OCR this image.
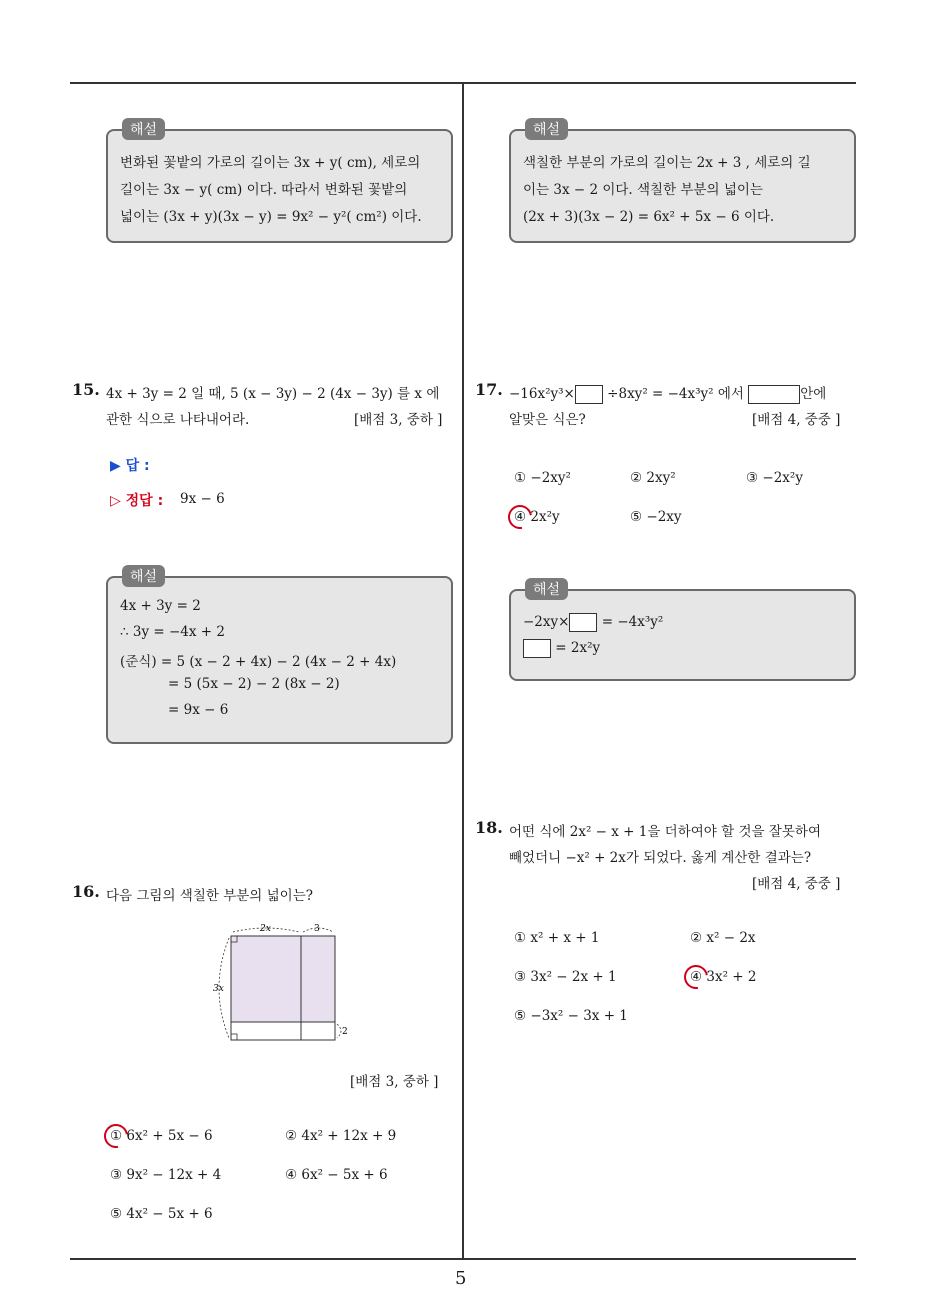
5
해설
변화된 꽃밭의 가로의 길이는 3x + y( cm), 세로의
길이는 3x − y( cm) 이다. 따라서 변화된 꽃밭의
넓이는 (3x + y)(3x − y) = 9x² − y²( cm²) 이다.
15. 4x + 3y = 2 일 때, 5 (x − 3y) − 2 (4x − 3y) 를 x 에
관한 식으로 나타내어라.	[배점 3, 중하 ]
▶ 답 :
▷ 정답 : 9x − 6
해설
4x + 3y = 2
∴ 3y = −4x + 2
(준식) = 5 (x − 2 + 4x) − 2 (4x − 2 + 4x)
= 5 (5x − 2) − 2 (8x − 2)
= 9x − 6
16. 다음 그림의 색칠한 부분의 넓이는?
2x	3
3x
2
[배점 3, 중하 ]
① 6x² + 5x − 6	② 4x² + 12x + 9
③ 9x² − 12x + 4	④ 6x² − 5x + 6
⑤ 4x² − 5x + 6
해설
색칠한 부분의 가로의 길이는 2x + 3 , 세로의 길
이는 3x − 2 이다. 색칠한 부분의 넓이는
(2x + 3)(3x − 2) = 6x² + 5x − 6 이다.
17. −16x²y³× ÷8xy² = −4x³y² 에서	안에
알맞은 식은?	[배점 4, 중중 ]
① −2xy²	② 2xy²	③ −2x²y
④ 2x²y	⑤ −2xy
해설
−2xy× = −4x³y²
= 2x²y
18. 어떤 식에 2x² − x + 1을 더하여야 할 것을 잘못하여
빼었더니 −x² + 2x가 되었다. 옳게 계산한 결과는?
[배점 4, 중중 ]
① x² + x + 1	② x² − 2x
③ 3x² − 2x + 1	④ 3x² + 2
⑤ −3x² − 3x + 1
